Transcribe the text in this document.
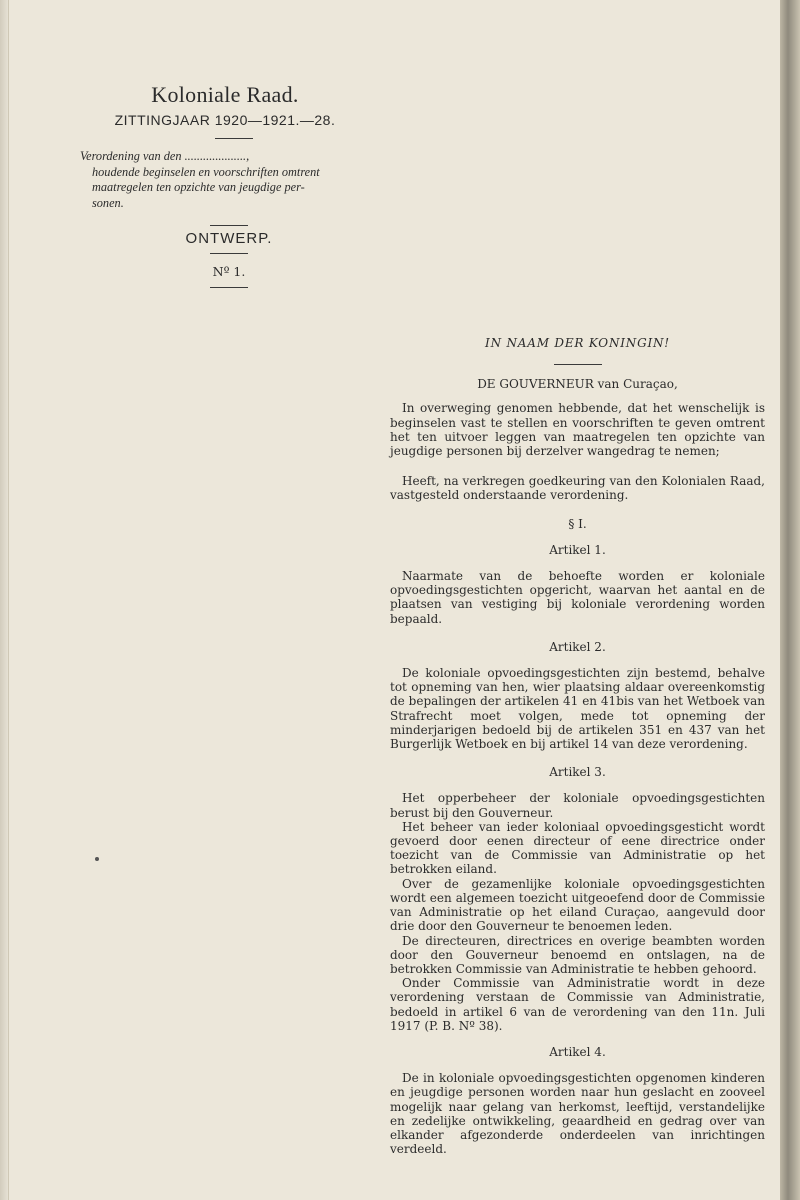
Koloniale Raad.
ZITTINGJAAR 1920—1921.—28.
Verordening van den ....................,
houdende beginselen en voorschriften omtrent
maatregelen ten opzichte van jeugdige per-
sonen.
ONTWERP.
Nº 1.
IN NAAM DER KONINGIN!
DE GOUVERNEUR van Curaçao,

In overweging genomen hebbende, dat het wenschelijk is beginselen vast te stellen en voorschriften te geven omtrent het ten uitvoer leggen van maatregelen ten opzichte van jeugdige personen bij derzelver wangedrag te nemen;

Heeft, na verkregen goedkeuring van den Kolonialen Raad, vastgesteld onderstaande verordening.

§ I.
Artikel 1.

Naarmate van de behoefte worden er koloniale opvoedingsgestichten opgericht, waarvan het aantal en de plaatsen van vestiging bij koloniale verordening worden bepaald.

Artikel 2.

De koloniale opvoedingsgestichten zijn bestemd, behalve tot opneming van hen, wier plaatsing aldaar overeenkomstig de bepalingen der artikelen 41 en 41bis van het Wetboek van Strafrecht moet volgen, mede tot opneming der minderjarigen bedoeld bij de artikelen 351 en 437 van het Burgerlijk Wetboek en bij artikel 14 van deze verordening.

Artikel 3.

Het opperbeheer der koloniale opvoedingsgestichten berust bij den Gouverneur.

Het beheer van ieder koloniaal opvoedingsgesticht wordt gevoerd door eenen directeur of eene directrice onder toezicht van de Commissie van Administratie op het betrokken eiland.

Over de gezamenlijke koloniale opvoedingsgestichten wordt een algemeen toezicht uitgeoefend door de Commissie van Administratie op het eiland Curaçao, aangevuld door drie door den Gouverneur te benoemen leden.

De directeuren, directrices en overige beambten worden door den Gouverneur benoemd en ontslagen, na de betrokken Commissie van Administratie te hebben gehoord.

Onder Commissie van Administratie wordt in deze verordening verstaan de Commissie van Administratie, bedoeld in artikel 6 van de verordening van den 11n. Juli 1917 (P. B. Nº 38).

Artikel 4.

De in koloniale opvoedingsgestichten opgenomen kinderen en jeugdige personen worden naar hun geslacht en zooveel mogelijk naar gelang van herkomst, leeftijd, verstandelijke en zedelijke ontwikkeling, geaardheid en gedrag over van elkander afgezonderde onderdeelen van inrichtingen verdeeld.
